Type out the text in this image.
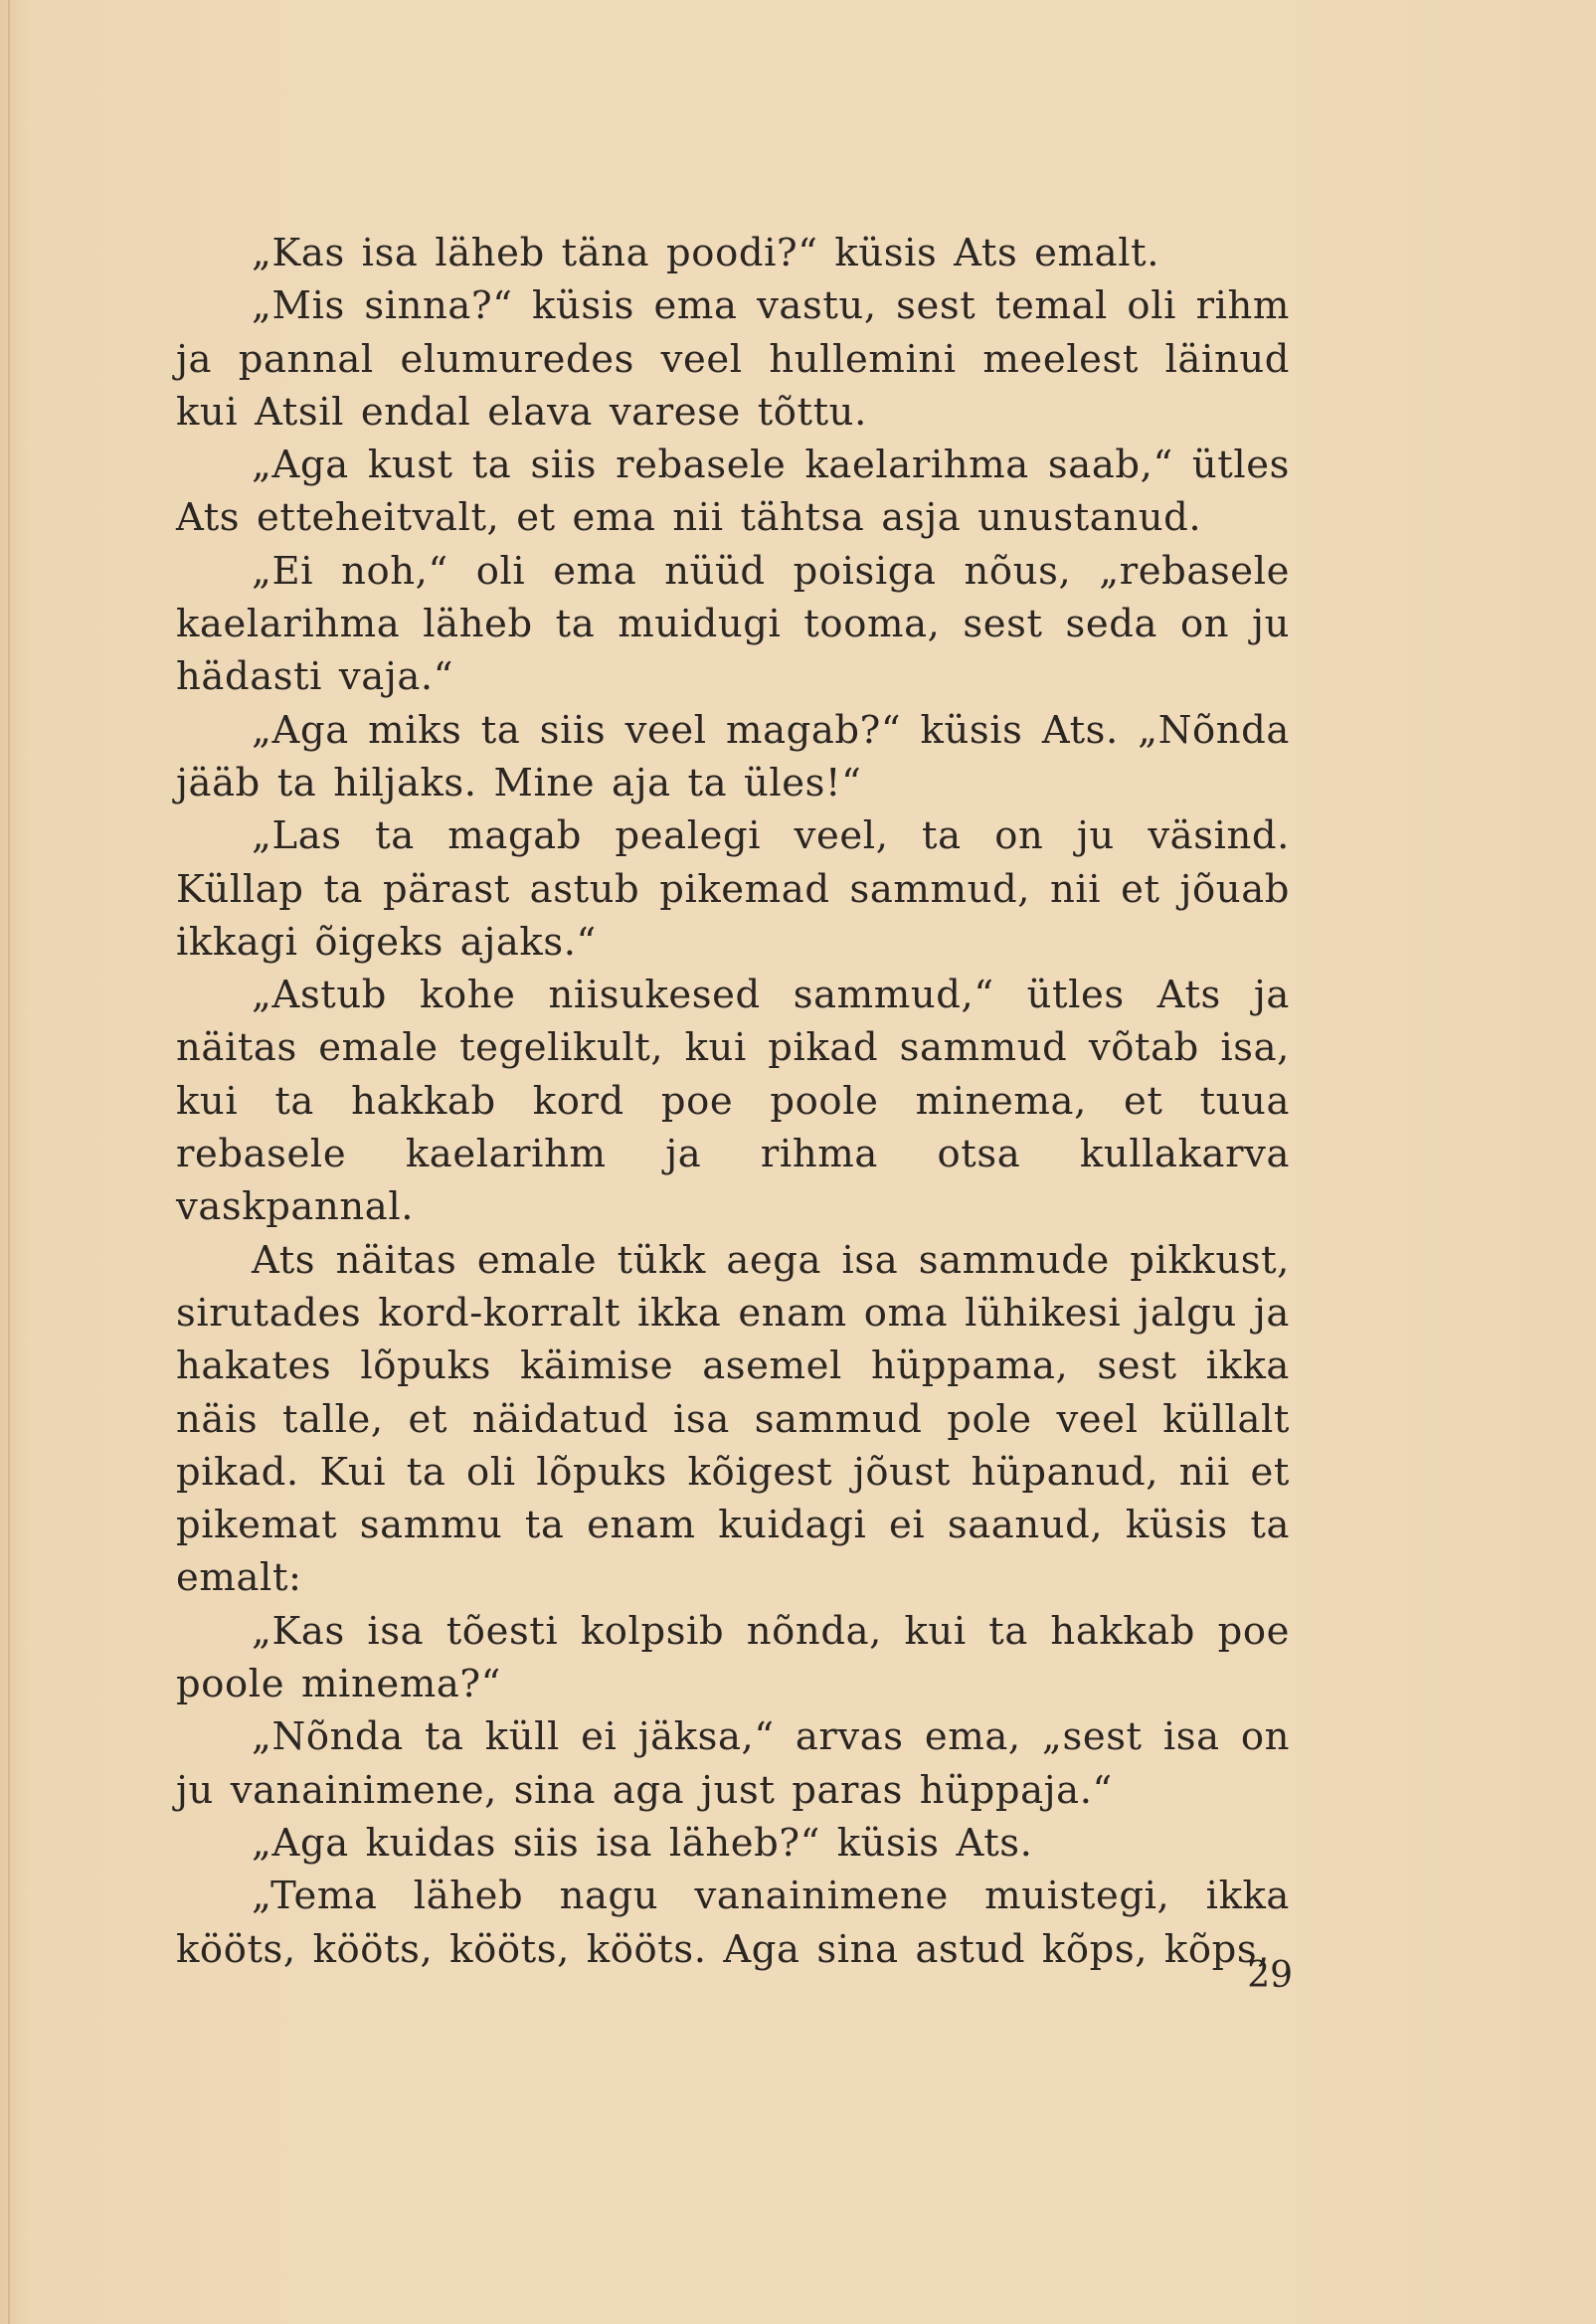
„Kas isa läheb täna poodi?“ küsis Ats emalt.

„Mis sinna?“ küsis ema vastu, sest temal oli rihm ja pannal elumuredes veel hullemini meelest läinud kui Atsil endal elava varese tõttu.

„Aga kust ta siis rebasele kaelarihma saab,“ ütles Ats etteheitvalt, et ema nii tähtsa asja unustanud.

„Ei noh,“ oli ema nüüd poisiga nõus, „rebasele kaelarihma läheb ta muidugi tooma, sest seda on ju hädasti vaja.“

„Aga miks ta siis veel magab?“ küsis Ats. „Nõnda jääb ta hiljaks. Mine aja ta üles!“

„Las ta magab pealegi veel, ta on ju väsind. Küllap ta pärast astub pikemad sammud, nii et jõuab ikkagi õigeks ajaks.“

„Astub kohe niisukesed sammud,“ ütles Ats ja näitas emale tegelikult, kui pikad sammud võtab isa, kui ta hakkab kord poe poole minema, et tuua rebasele kaelarihm ja rihma otsa kullakarva vaskpannal.

Ats näitas emale tükk aega isa sammude pikkust, sirutades kord-korralt ikka enam oma lühikesi jalgu ja hakates lõpuks käimise asemel hüppama, sest ikka näis talle, et näidatud isa sammud pole veel küllalt pikad. Kui ta oli lõpuks kõigest jõust hüpanud, nii et pikemat sammu ta enam kuidagi ei saanud, küsis ta emalt:

„Kas isa tõesti kolpsib nõnda, kui ta hakkab poe poole minema?“

„Nõnda ta küll ei jäksa,“ arvas ema, „sest isa on ju vanainimene, sina aga just paras hüppaja.“

„Aga kuidas siis isa läheb?“ küsis Ats.

„Tema läheb nagu vanainimene muistegi, ikka kööts, kööts, kööts, kööts. Aga sina astud kõps, kõps,

29
